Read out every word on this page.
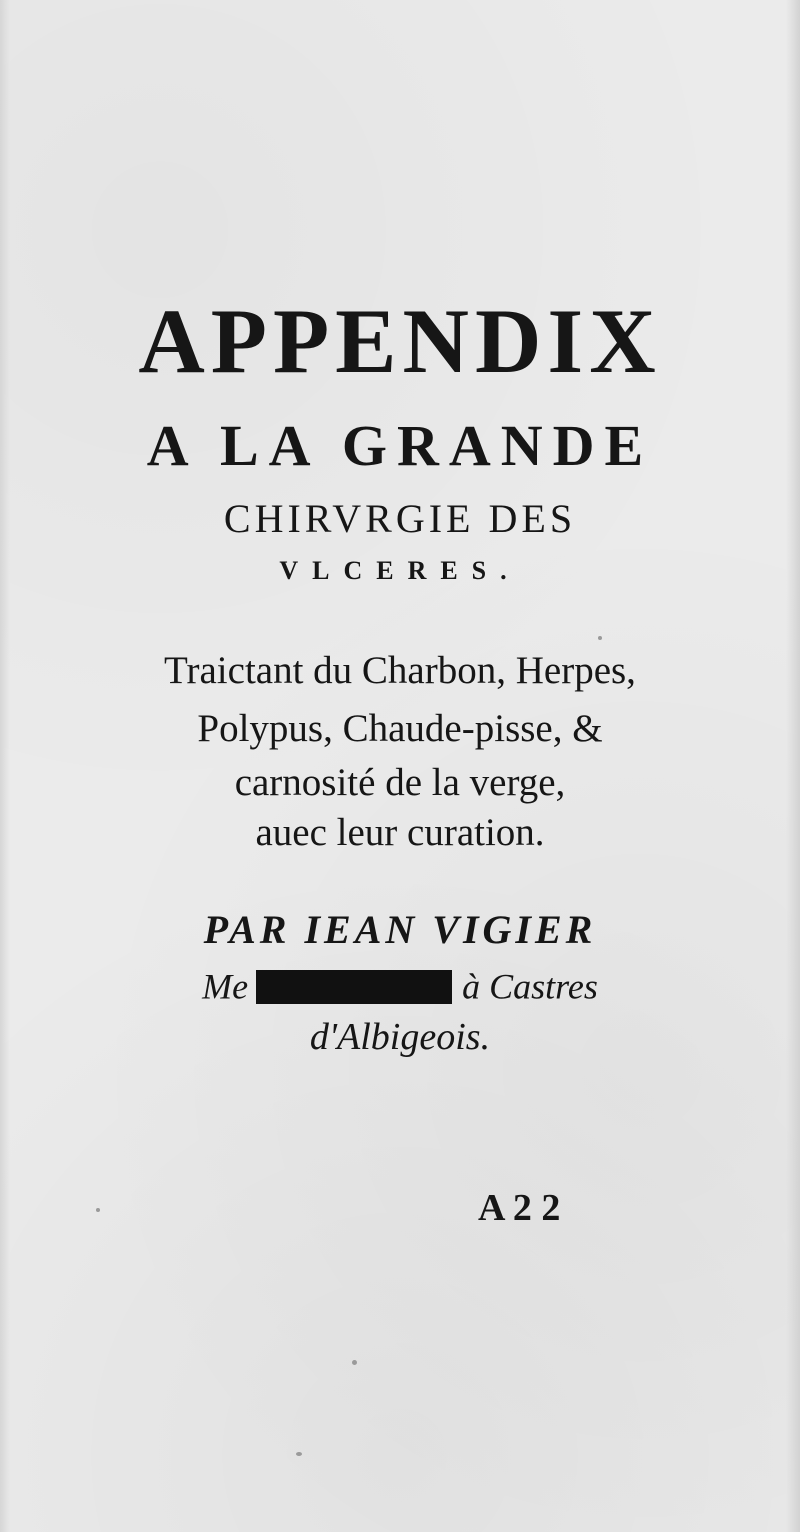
APPENDIX
A LA GRANDE
CHIRVRGIE DES
VLCERES.
Traictant du Charbon, Herpes,
Polypus, Chaude-pisse, &
carnosité de la verge,
auec leur curation.
PAR IEAN VIGIER
Me	à Castres
d'Albigeois.
A 2 2
